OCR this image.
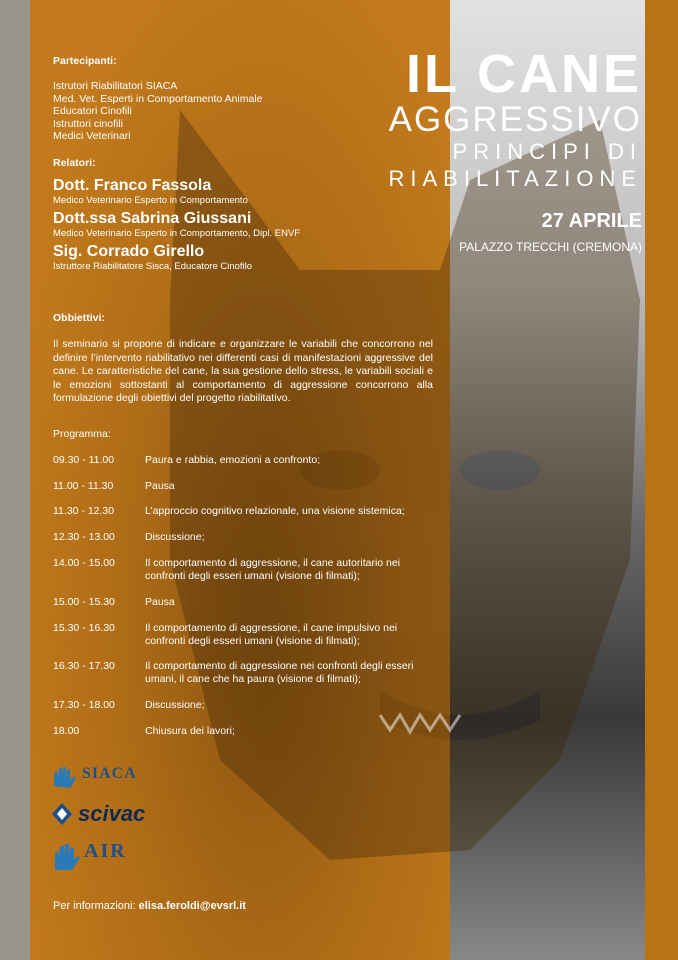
IL CANE
AGGRESSIVO
PRINCIPI DI
RIABILITAZIONE
27 APRILE
PALAZZO TRECCHI (CREMONA)
Partecipanti:
Istrutori Riabilitatori SIACA
Med. Vet. Esperti in Comportamento Animale
Educatori Cinofili
Istruttori cinofili
Medici Veterinari
Relatori:
Dott. Franco Fassola
Medico Veterinario Esperto in Comportamento
Dott.ssa Sabrina Giussani
Medico Veterinario Esperto in Comportamento, Dipl. ENVF
Sig. Corrado Girello
Istruttore Riabilitatore Sisca, Educatore Cinofilo
Obbiettivi:
Il seminario si propone di indicare e organizzare le variabili che concorrono nel definire l’intervento riabilitativo nei differenti casi di manifestazioni aggressive del cane. Le caratteristiche del cane, la sua gestione dello stress, le variabili sociali e le emozioni sottostanti al comportamento di aggressione concorrono alla formulazione degli obiettivi del progetto riabilitativo.
Programma:
09.30 - 11.00	Paura e rabbia, emozioni a confronto;
11.00 - 11.30	Pausa
11.30 - 12.30	L’approccio cognitivo relazionale, una visione sistemica;
12.30 - 13.00	Discussione;
14.00 - 15.00	Il comportamento di aggressione, il cane autoritario nei confronti degli esseri umani (visione di filmati);
15.00 - 15.30	Pausa
15.30 - 16.30	Il comportamento di aggressione, il cane impulsivo nei confronti degli esseri umani (visione di filmati);
16.30 - 17.30	Il comportamento di aggressione nei confronti degli esseri umani, il cane che ha paura (visione di filmati);
17.30 - 18.00	Discussione;
18.00	Chiusura dei lavori;
SIACA
scivac
AIR
Per informazioni: elisa.feroldi@evsrl.it
